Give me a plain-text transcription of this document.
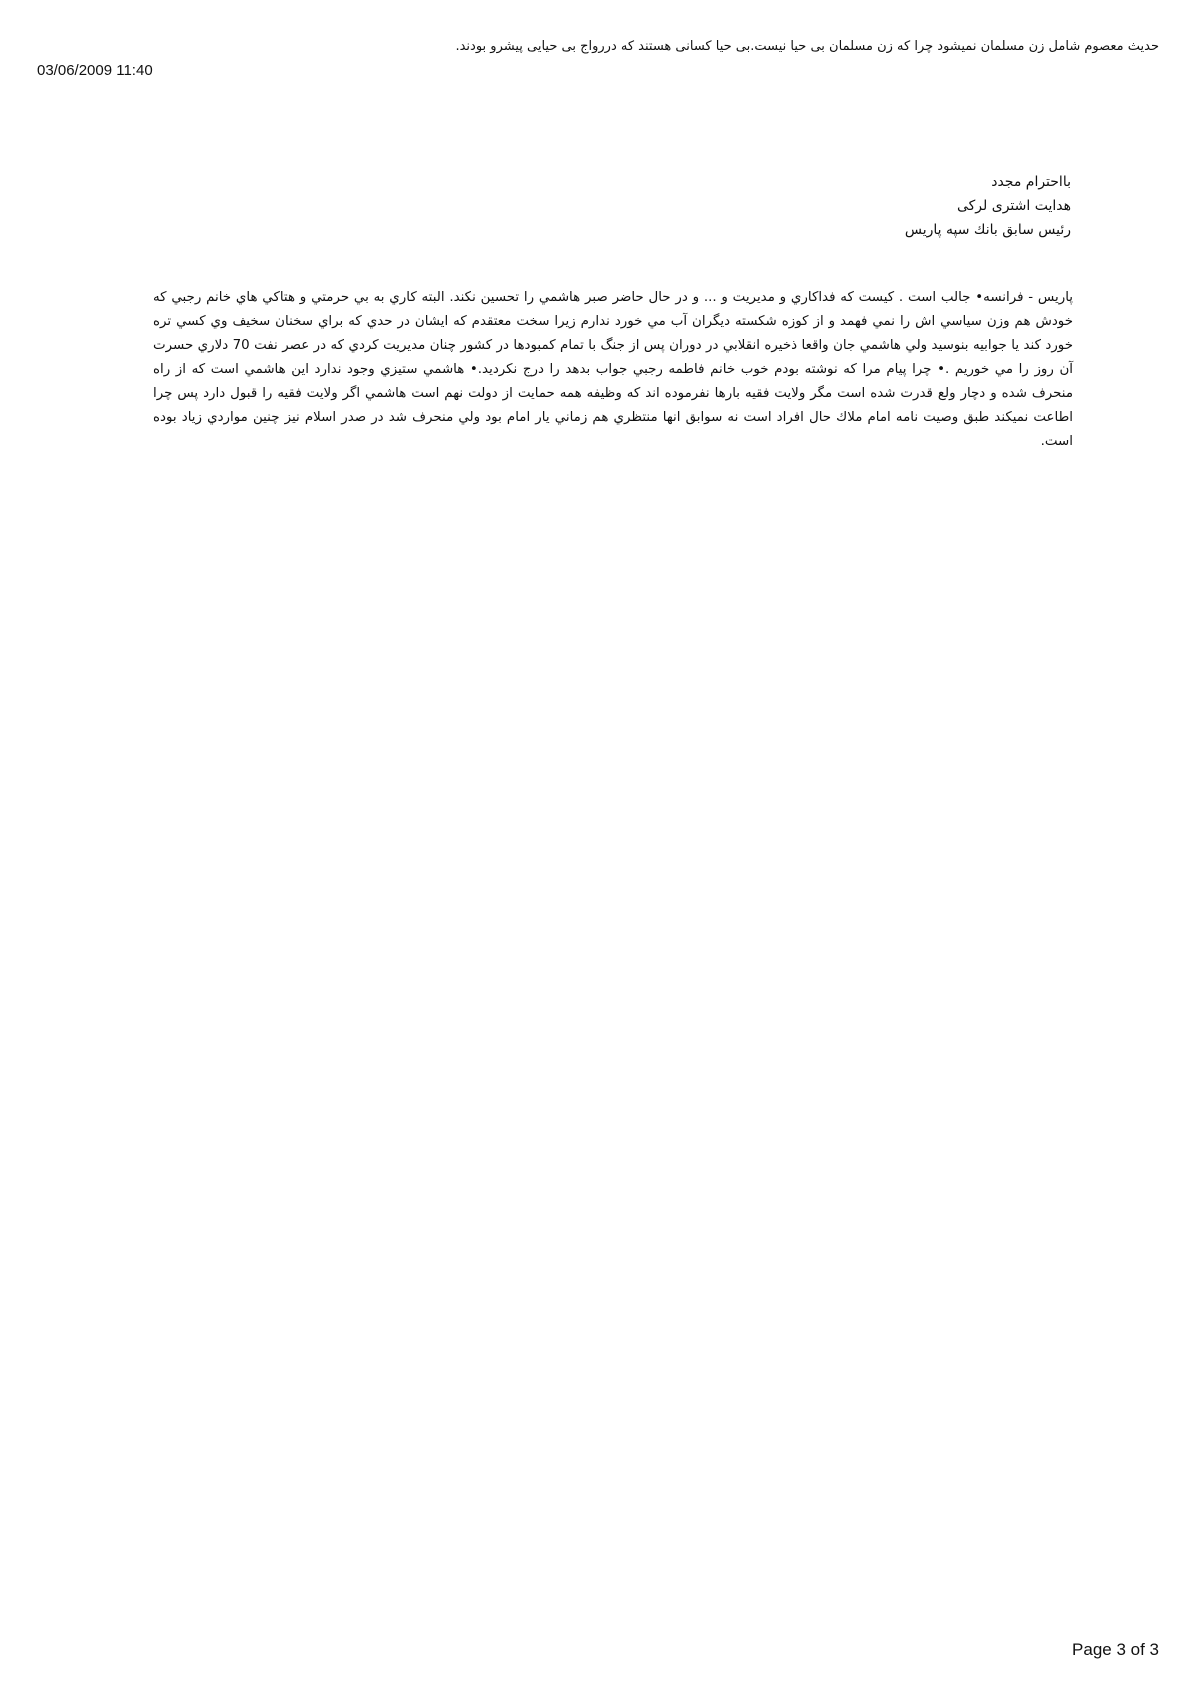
حديث معصوم شامل زن مسلمان نميشود چرا كه زن مسلمان بی حيا نيست.بی حيا كسانی هستند كه دررواج بی حيايی پيشرو بودند.
03/06/2009 11:40
بااحترام مجدد
هدايت اشتری لركی
رئيس سابق بانك سپه پاريس
پاريس - فرانسه• جالب است . كيست كه فداكاري و مديريت و ... و در حال حاضر صبر هاشمي را تحسين نكند. البته كاري به بي حرمتي و هتاكي هاي خانم رجبي كه خودش هم وزن سياسي اش را نمي فهمد و از كوزه شكسته ديگران آب مي خورد ندارم زيرا سخت معتقدم كه ايشان در حدي كه براي سخنان سخيف وي كسي تره خورد كند يا جوابيه بنوسيد ولي هاشمي جان واقعا ذخيره انقلابي در دوران پس از جنگ با تمام كمبودها در كشور چنان مديريت كردي كه در عصر نفت 70 دلاري حسرت آن روز را مي خوريم .• چرا پيام مرا كه نوشته بودم خوب خانم فاطمه رجبي جواب بدهد را درج نكرديد.• هاشمي ستيزي وجود ندارد اين هاشمي است كه از راه منحرف شده و دچار ولع قدرت شده است مگر ولايت فقيه بارها نفرموده اند كه وظيفه همه حمايت از دولت نهم است هاشمي اگر ولايت فقيه را قبول دارد پس چرا اطاعت نميكند طبق وصيت نامه امام ملاك حال افراد است نه سوابق انها منتظري هم زماني يار امام بود ولي منحرف شد در صدر اسلام نيز چنين مواردي زياد بوده است.
Page 3 of 3
